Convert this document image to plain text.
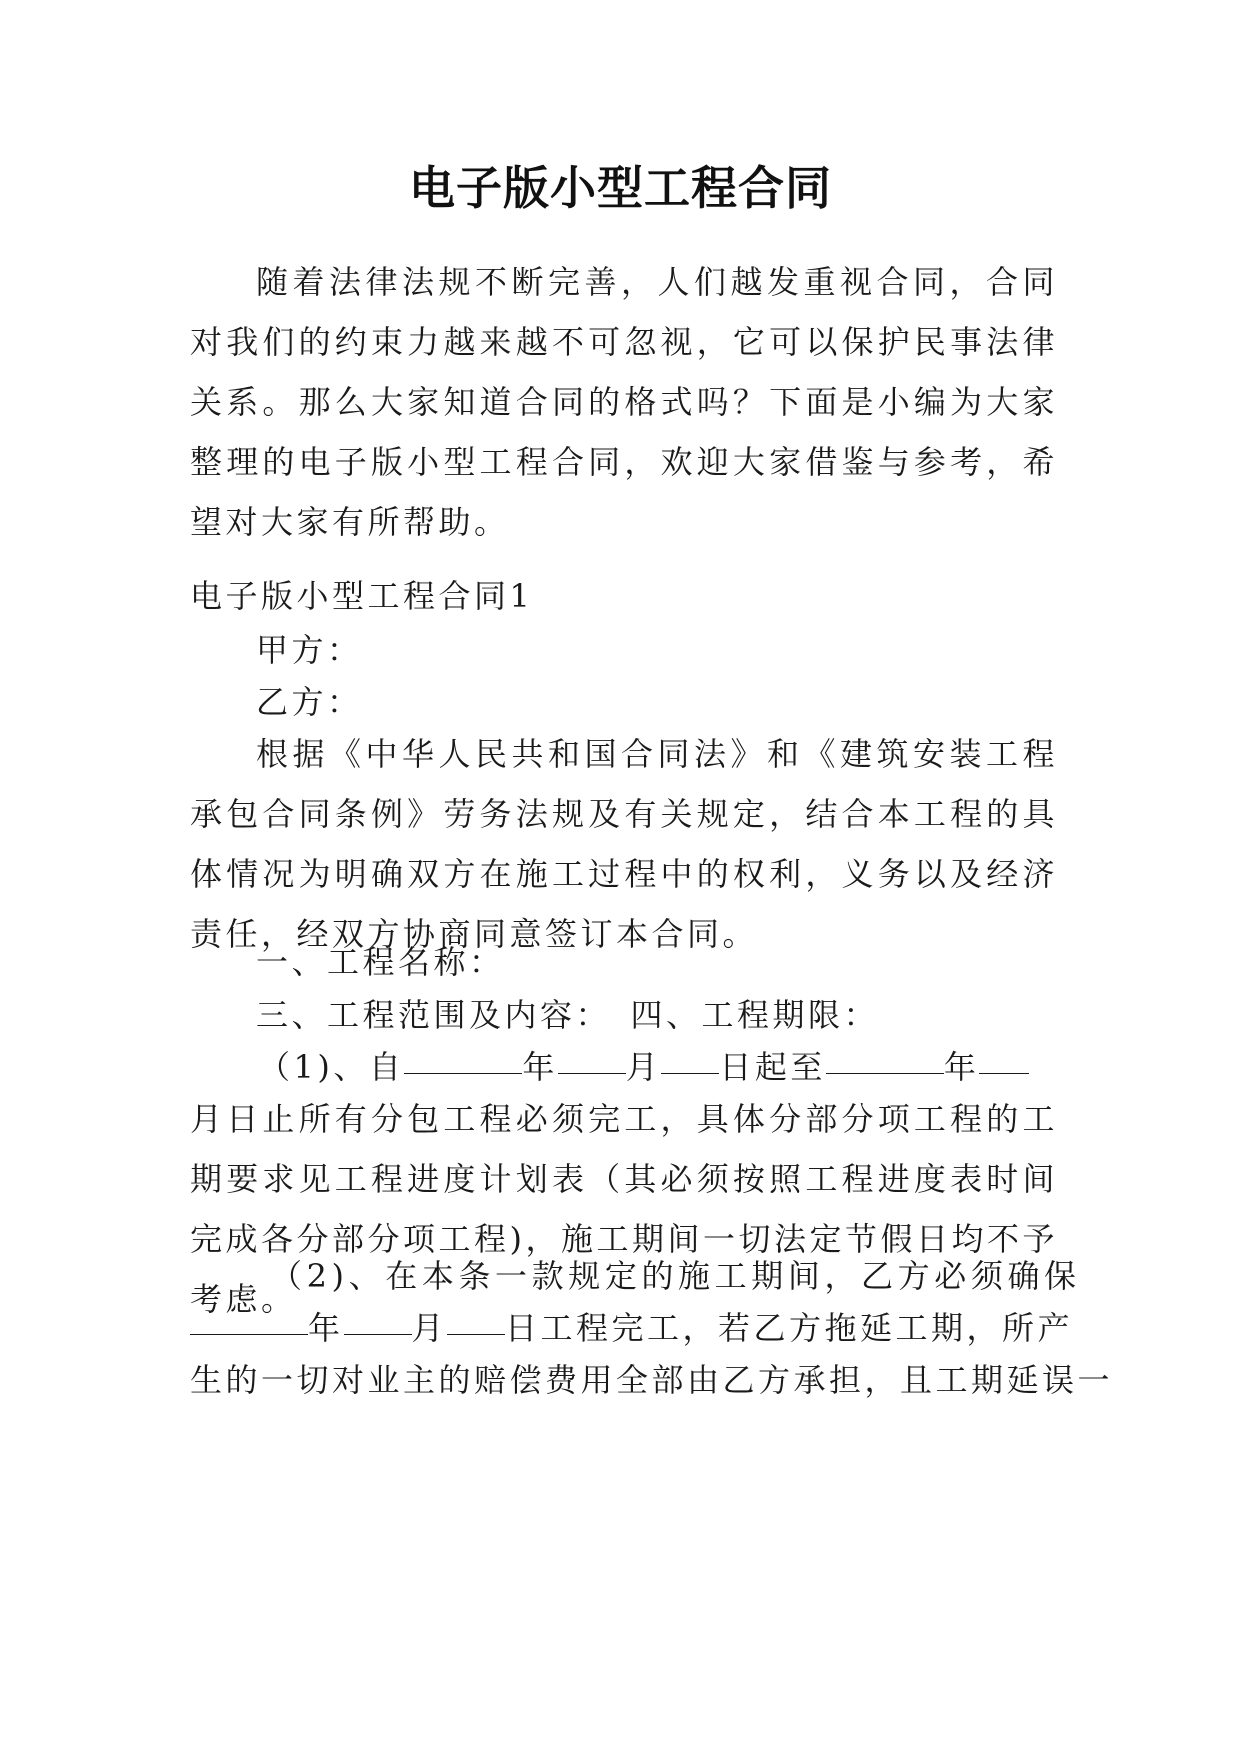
电子版小型工程合同
随着法律法规不断完善，人们越发重视合同，合同对我们的约束力越来越不可忽视，它可以保护民事法律关系。那么大家知道合同的格式吗？下面是小编为大家整理的电子版小型工程合同，欢迎大家借鉴与参考，希望对大家有所帮助。
电子版小型工程合同1
甲方：
乙方：
根据《中华人民共和国合同法》和《建筑安装工程承包合同条例》劳务法规及有关规定，结合本工程的具体情况为明确双方在施工过程中的权利，义务以及经济责任，经双方协商同意签订本合同。
一、工程名称：
三、工程范围及内容：　四、工程期限：
（1)、自	年 月 日起至	年
月日止所有分包工程必须完工，具体分部分项工程的工期要求见工程进度计划表（其必须按照工程进度表时间完成各分部分项工程)，施工期间一切法定节假日均不予考虑。
（2)、在本条一款规定的施工期间，乙方必须确保
年 月 日工程完工，若乙方拖延工期，所产
生的一切对业主的赔偿费用全部由乙方承担，且工期延误一
